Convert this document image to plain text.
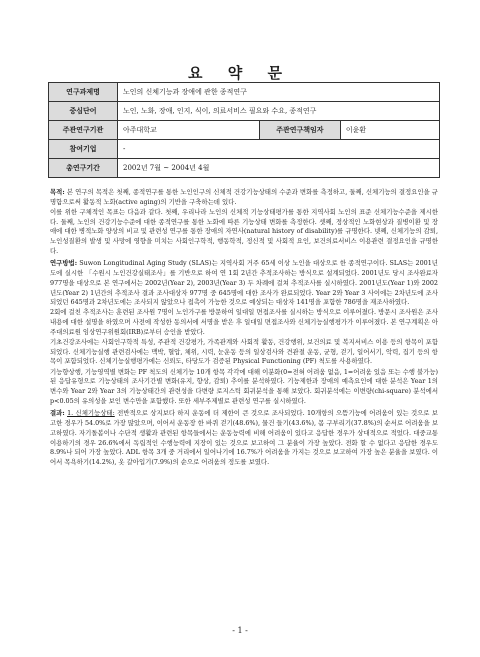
요 약 문
연구과제명	노인의 신체기능과 장애에 관한 종적연구		
중심단어	노인, 노화, 장애, 인지, 식이, 의료서비스 필요와 수요, 종적연구		
주관연구기관	아주대학교	주관연구책임자	이윤환
참여기업	-		
총연구기간	2002년 7월 ~ 2004년 4월		

목적: 본 연구의 목적은 첫째, 종적연구를 통한 노인인구의 신체적 건강기능상태의 수준과 변화를 측정하고, 둘째, 신체기능의 결정요인을 규명함으로써 활동적 노화(active aging)의 기반을 구축하는데 있다.

이를 위한 구체적인 목표는 다음과 같다. 첫째, 우리나라 노인의 신체적 기능상태평가를 통한 지역사회 노인의 표준 신체기능수준을 제시한다. 둘째, 노인의 건강기능수준에 대한 종적연구를 통한 노화에 따른 기능상태 변화를 측정한다. 셋째, 정상적인 노화현상과 질병이환 및 장애에 대한 병적노화 양상의 비교 및 관련성 연구를 통한 장애의 자연사(natural history of disability)를 규명한다. 넷째, 신체기능의 감퇴, 노인성질환의 발생 및 사망에 영향을 미치는 사회인구학적, 행동학적, 정신적 및 사회적 요인, 보건의료서비스 이용관련 결정요인을 규명한다.

연구방법: Suwon Longitudinal Aging Study (SLAS)는 지역사회 거주 65세 이상 노인을 대상으로 한 종적연구이다. SLAS는 2001년도에 실시한 「수원시 노인건강실태조사」를 기반으로 하여 연 1회 2년간 추적조사하는 방식으로 설계되었다. 2001년도 당시 조사완료자 977명을 대상으로 본 연구에서는 2002년(Year 2), 2003년(Year 3) 두 차례에 걸쳐 추적조사를 실시하였다. 2001년도(Year 1)와 2002년도(Year 2) 1년간의 추적조사 결과 조사대상자 977명 중 645명에 대한 조사가 완료되었다. Year 2와 Year 3 사이에는 2차년도에 조사되었던 645명과 2차년도에는 조사되지 않았으나 접촉이 가능한 것으로 예상되는 대상자 141명을 포함한 786명을 재조사하였다.

2회에 걸친 추적조사는 훈련된 조사원 7명이 노인가구를 방문하여 일대일 면접조사를 실시하는 방식으로 이루어졌다. 방문시 조사원은 조사내용에 대한 설명을 하였으며 사전에 작성한 동의서에 서명을 받은 후 일대일 면접조사와 신체기능실행평가가 이루어졌다. 본 연구계획은 아주대의료원 임상연구위원회(IRB)로부터 승인을 받았다.

기초건강조사에는 사회인구학적 특성, 주관적 건강평가, 가족관계와 사회적 활동, 건강행위, 보건의료 및 복지서비스 이용 등의 항목이 포함되었다. 신체기능실행 관련검사에는 맥박, 혈압, 체위, 시력, 눈운동 등의 일상검사와 견관절 운동, 균형, 걷기, 일어서기, 악력, 집기 등의 항목이 포함되었다. 신체기능실행평가에는 신뢰도, 타당도가 검증된 Physical Functioning (PF) 척도를 사용하였다.

기능향상행, 기능영역별 변화는 PF 척도의 신체기능 10개 항목 각각에 대해 이분화(0=전혀 어려움 없음, 1=어려움 있음 또는 수행 불가능)된 응답유형으로 기능상태의 조사기간별 변화(유지, 향상, 감퇴) 추이를 분석하였다. 기능제한과 장애의 예측요인에 대한 분석은 Year 1의 변수와 Year 2와 Year 3의 기능상태간의 관련성을 다변량 로지스틱 회귀분석을 통해 보았다. 회귀분석에는 이변량(chi-square) 분석에서 p<0.05의 유의성을 보인 변수만을 포함했다. 또한 세부주제별로 관련성 연구를 실시하였다.

결과: 1. 신체기능상태: 전반적으로 상지보다 하지 운동에 더 제한이 큰 것으로 조사되었다. 10개항의 으뜸기능에 어려움이 있는 것으로 보고한 경우가 54.0%로 가장 많았으며, 이어서 운동장 한 바퀴 걷기(48.6%), 물건 들기(43.6%), 몸 구부리기(37.8%)의 순서로 어려움을 보고하였다. 자기돌봄이나 수단적 생활과 관련된 항목들에서는 운동능력에 비해 어려움이 있다고 응답한 경우가 상대적으로 적었다. 대중교통 이용하기의 경우 26.6%에서 독립적인 수행능력에 지장이 있는 것으로 보고하여 그 분율이 가장 높았다. 전화 할 수 없다고 응답한 경우도 8.9%나 되어 가장 높았다. ADL 항목 3개 중 거리에서 일어나기에 16.7%가 어려움을 가지는 것으로 보고하여 가장 높은 분율을 보였다. 이어서 목욕하기(14.2%), 옷 갈아입기(7.9%)의 순으로 어려움의 정도를 보였다.

- 1 -
